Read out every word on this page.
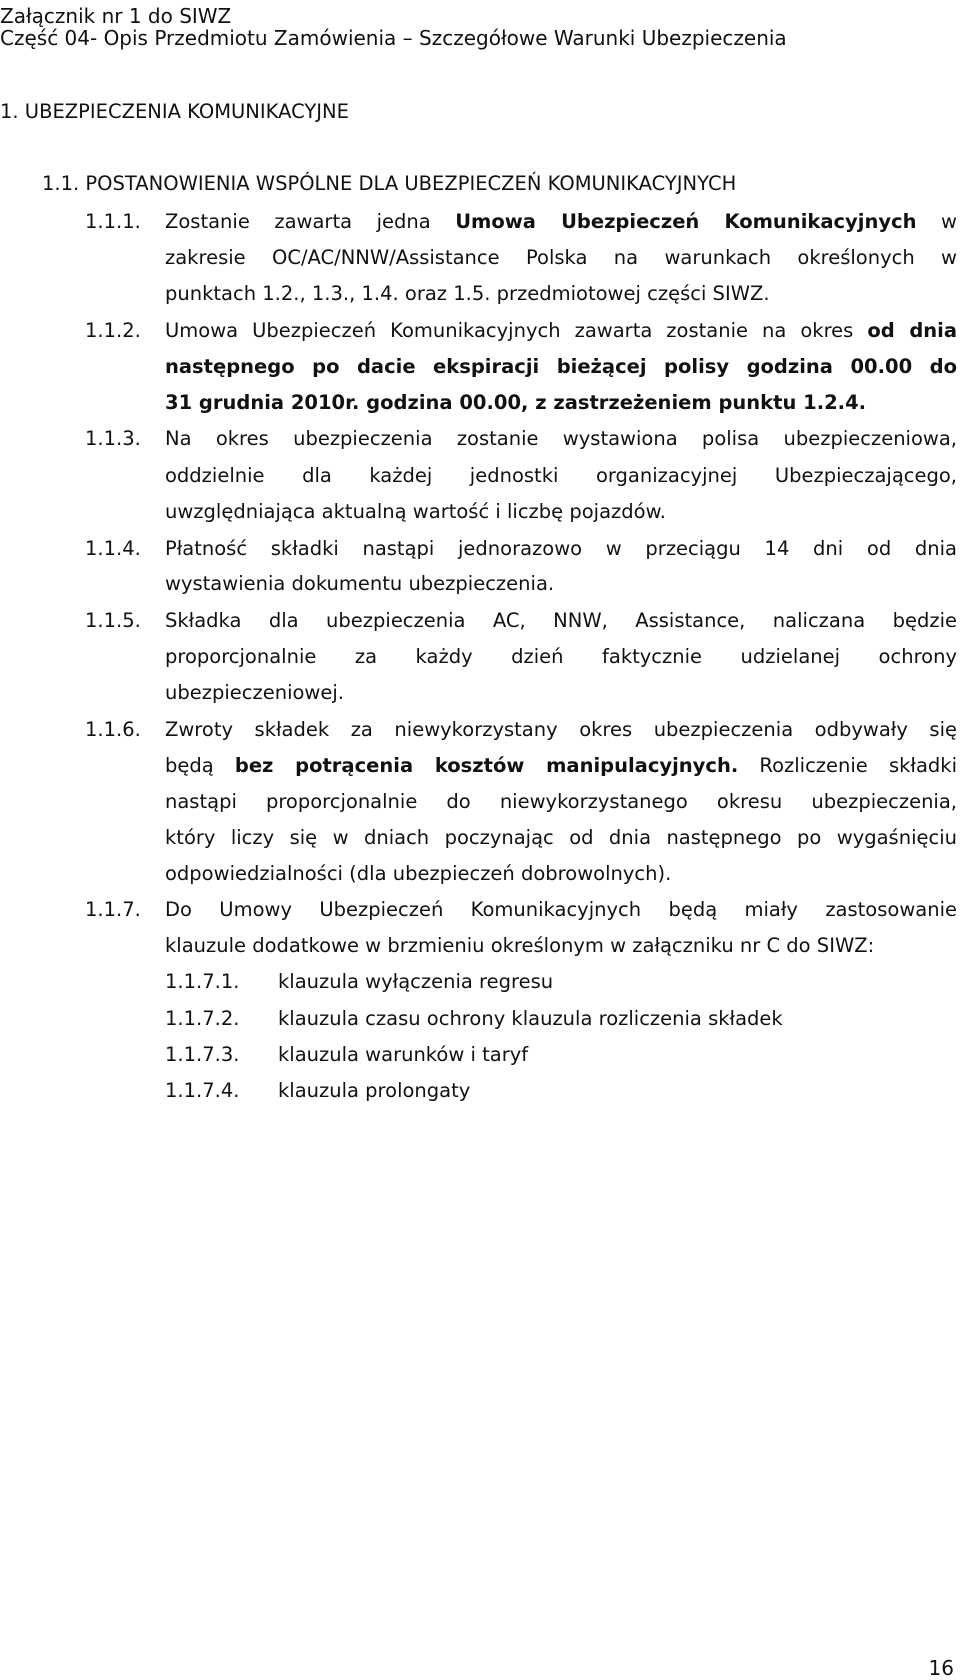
Załącznik nr 1 do SIWZ
Część 04- Opis Przedmiotu Zamówienia – Szczegółowe Warunki Ubezpieczenia
1. UBEZPIECZENIA KOMUNIKACYJNE
1.1. POSTANOWIENIA WSPÓLNE DLA UBEZPIECZEŃ KOMUNIKACYJNYCH
1.1.1. Zostanie zawarta jedna Umowa Ubezpieczeń Komunikacyjnych w
zakresie OC/AC/NNW/Assistance Polska na warunkach określonych w
punktach 1.2., 1.3., 1.4. oraz 1.5. przedmiotowej części SIWZ.
1.1.2. Umowa Ubezpieczeń Komunikacyjnych zawarta zostanie na okres od dnia
następnego po dacie ekspiracji bieżącej polisy godzina 00.00 do
31 grudnia 2010r. godzina 00.00, z zastrzeżeniem punktu 1.2.4.
1.1.3. Na okres ubezpieczenia zostanie wystawiona polisa ubezpieczeniowa,
oddzielnie dla każdej jednostki organizacyjnej Ubezpieczającego,
uwzględniająca aktualną wartość i liczbę pojazdów.
1.1.4. Płatność składki nastąpi jednorazowo w przeciągu 14 dni od dnia
wystawienia dokumentu ubezpieczenia.
1.1.5. Składka dla ubezpieczenia AC, NNW, Assistance, naliczana będzie
proporcjonalnie za każdy dzień faktycznie udzielanej ochrony
ubezpieczeniowej.
1.1.6. Zwroty składek za niewykorzystany okres ubezpieczenia odbywały się
będą bez potrącenia kosztów manipulacyjnych. Rozliczenie składki
nastąpi proporcjonalnie do niewykorzystanego okresu ubezpieczenia,
który liczy się w dniach poczynając od dnia następnego po wygaśnięciu
odpowiedzialności (dla ubezpieczeń dobrowolnych).
1.1.7. Do Umowy Ubezpieczeń Komunikacyjnych będą miały zastosowanie
klauzule dodatkowe w brzmieniu określonym w załączniku nr C do SIWZ:
1.1.7.1. klauzula wyłączenia regresu
1.1.7.2. klauzula czasu ochrony klauzula rozliczenia składek
1.1.7.3. klauzula warunków i taryf
1.1.7.4. klauzula prolongaty
16
